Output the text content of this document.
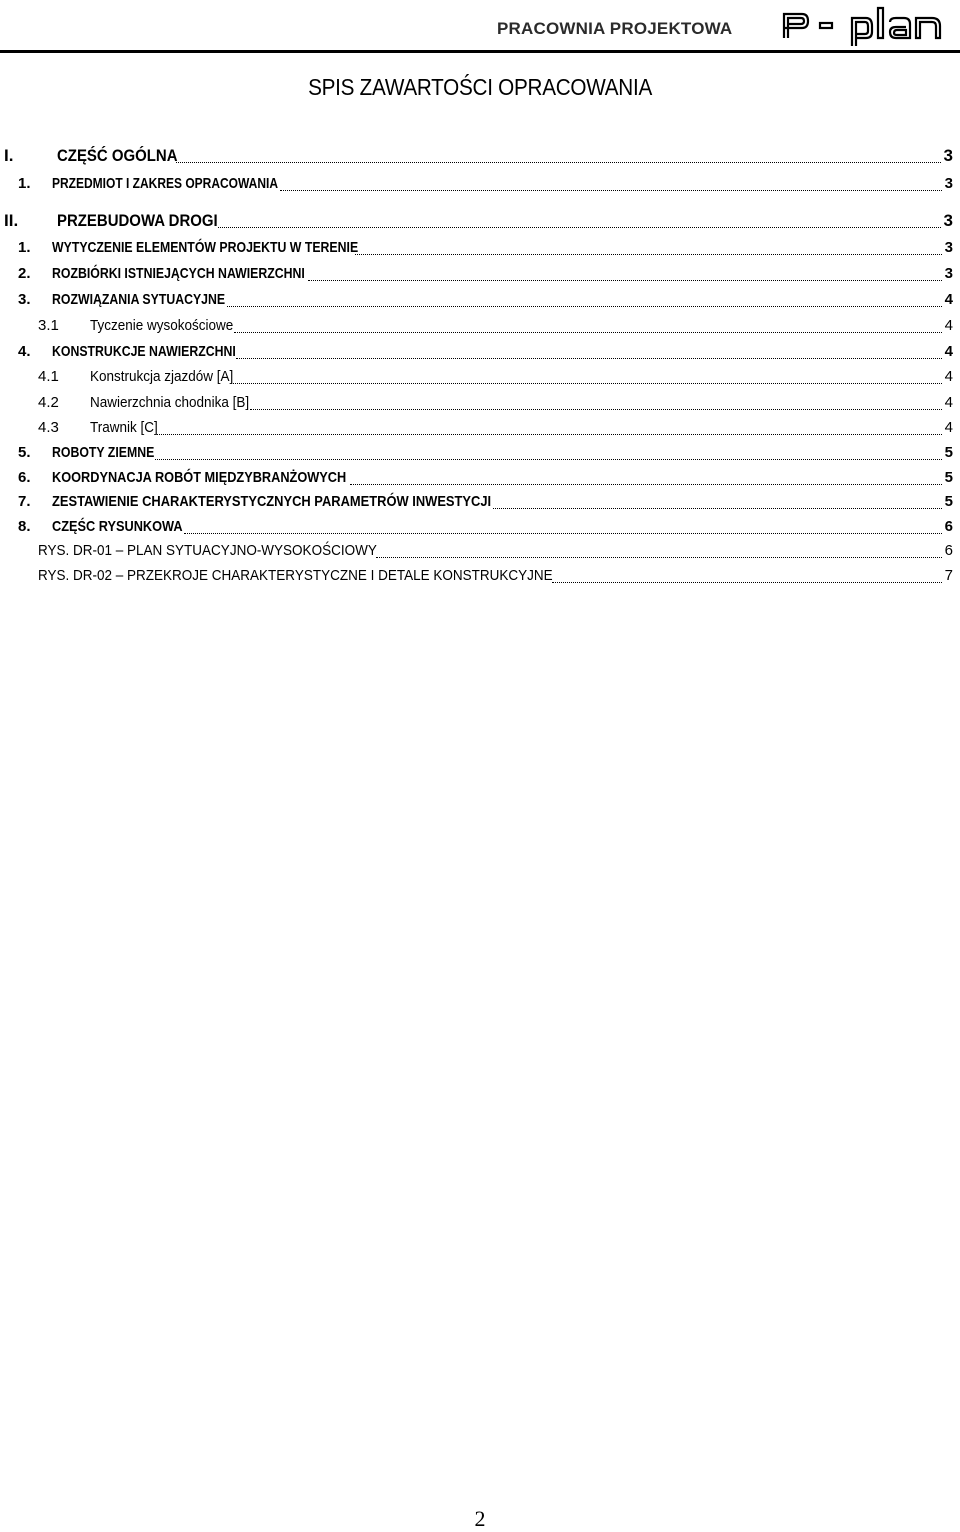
PRACOWNIA PROJEKTOWA
SPIS ZAWARTOŚCI OPRACOWANIA
I.	CZĘŚĆ OGÓLNA	3
1.	PRZEDMIOT I ZAKRES OPRACOWANIA	3
II.	PRZEBUDOWA DROGI	3
1.	WYTYCZENIE ELEMENTÓW PROJEKTU W TERENIE	3
2.	ROZBIÓRKI ISTNIEJĄCYCH NAWIERZCHNI	3
3.	ROZWIĄZANIA SYTUACYJNE	4
3.1	Tyczenie wysokościowe	4
4.	KONSTRUKCJE NAWIERZCHNI	4
4.1	Konstrukcja zjazdów [A]	4
4.2	Nawierzchnia chodnika [B]	4
4.3	Trawnik [C]	4
5.	ROBOTY ZIEMNE	5
6.	KOORDYNACJA ROBÓT MIĘDZYBRANŻOWYCH	5
7.	ZESTAWIENIE CHARAKTERYSTYCZNYCH PARAMETRÓW INWESTYCJI	5
8.	CZĘŚC RYSUNKOWA	6
RYS. DR-01 – PLAN SYTUACYJNO-WYSOKOŚCIOWY	6
RYS. DR-02 – PRZEKROJE CHARAKTERYSTYCZNE I DETALE KONSTRUKCYJNE	7
2
